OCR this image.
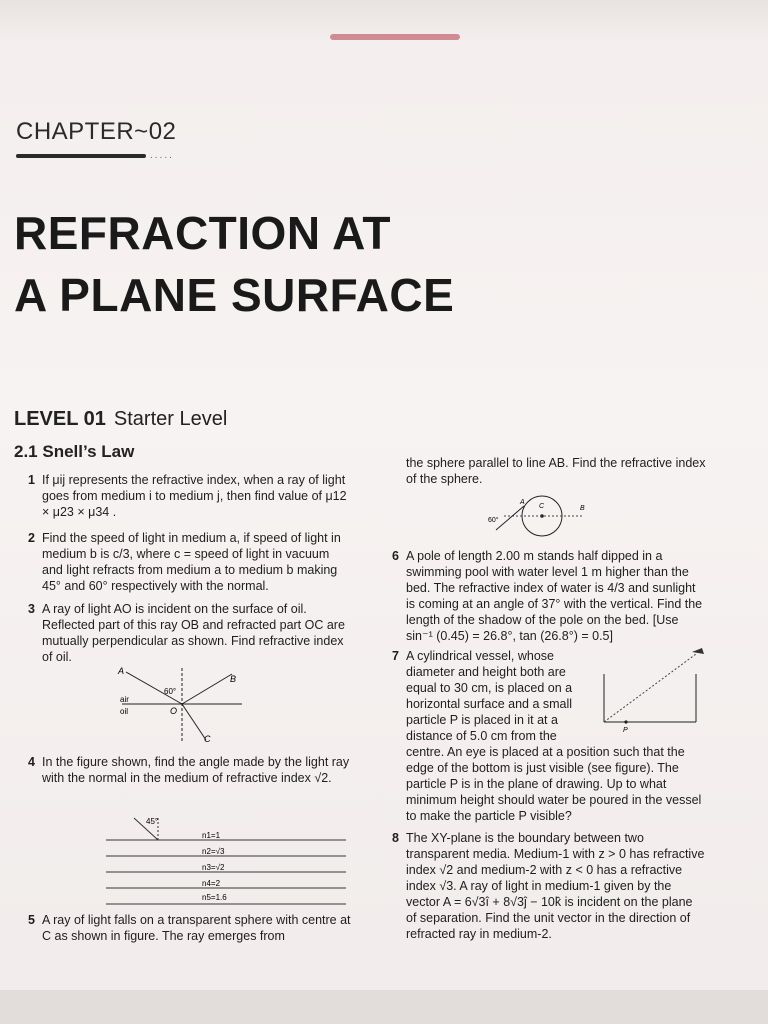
CHAPTER~02
.....
REFRACTION AT
A PLANE SURFACE
LEVEL 01 Starter Level
2.1 Snell’s Law
1 If μij represents the refractive index, when a ray of light goes from medium i to medium j, then find value of μ12 × μ23 × μ34 .
2 Find the speed of light in medium a, if speed of light in medium b is c/3, where c = speed of light in vacuum and light refracts from medium a to medium b making 45° and 60° respectively with the normal.
3 A ray of light AO is incident on the surface of oil. Reflected part of this ray OB and refracted part OC are mutually perpendicular as shown. Find refractive index of oil.
A
B
C
O
60°
air
oil
4 In the figure shown, find the angle made by the light ray with the normal in the medium of refractive index √2.
45°
n1=1
n2=√3
n3=√2
n4=2
n5=1.6
5 A ray of light falls on a transparent sphere with centre at C as shown in figure. The ray emerges from
the sphere parallel to line AB. Find the refractive index of the sphere.
A
C	B
60°
6 A pole of length 2.00 m stands half dipped in a swimming pool with water level 1 m higher than the bed. The refractive index of water is 4/3 and sunlight is coming at an angle of 37° with the vertical. Find the length of the shadow of the pole on the bed. [Use sin⁻¹ (0.45) = 26.8°, tan (26.8°) = 0.5]
7 A cylindrical vessel, whose diameter and height both are equal to 30 cm, is placed on a horizontal surface and a small particle P is placed in it at a distance of 5.0 cm from the	P
centre. An eye is placed at a position such that the edge of the bottom is just visible (see figure). The particle P is in the plane of drawing. Up to what minimum height should water be poured in the vessel to make the particle P visible?
8 The XY-plane is the boundary between two transparent media. Medium-1 with z > 0 has refractive index √2 and medium-2 with z < 0 has a refractive index √3. A ray of light in medium-1 given by the vector A = 6√3î + 8√3ĵ − 10k̂ is incident on the plane of separation. Find the unit vector in the direction of refracted ray in medium-2.
